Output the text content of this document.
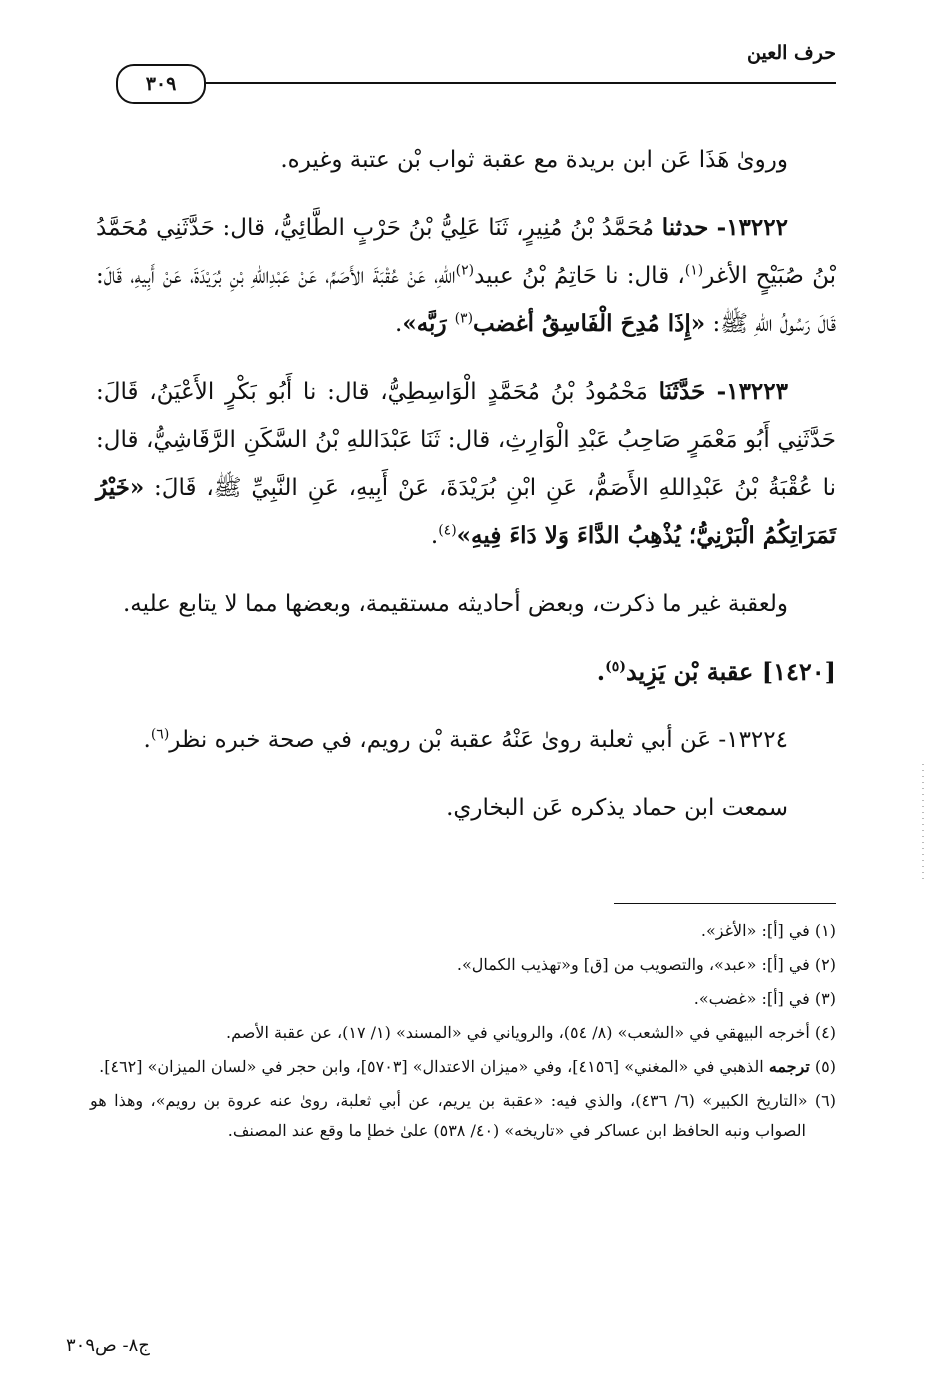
حرف العين
٣٠٩

وروىٰ هَذَا عَن ابن بريدة مع عقبة ثواب بْن عتبة وغيره.

١٣٢٢٢- حدثنا مُحَمَّدُ بْنُ مُنِيرٍ، ثَنَا عَلِيُّ بْنُ حَرْبٍ الطَّائِيُّ، قال: حَدَّثَنِي مُحَمَّدُ بْنُ صُبَيْحٍ الأغر$^{(١)}$، قال: نا حَاتِمُ بْنُ عبيد$^{(٢)}$اللهِ، عَنْ عُقْبَةَ الأَصَمِّ، عَنْ عَبْدِاللهِ بْنِ بُرَيْدَةَ، عَنْ أَبِيهِ، قَالَ: قَالَ رَسُولُ اللهِ ﷺ: «إِذَا مُدِحَ الْفَاسِقُ أغضب$^{(٣)}$ رَبَّه».

١٣٢٢٣- حَدَّثَنَا مَحْمُودُ بْنُ مُحَمَّدٍ الْوَاسِطِيُّ، قال: نا أَبُو بَكْرٍ الأَعْيَنُ، قَالَ: حَدَّثَنِي أَبُو مَعْمَرٍ صَاحِبُ عَبْدِ الْوَارِثِ، قال: ثَنَا عَبْدَاللهِ بْنُ السَّكَنِ الرَّقَاشِيُّ، قال: نا عُقْبَةُ بْنُ عَبْدِاللهِ الأَصَمُّ، عَنِ ابْنِ بُرَيْدَةَ، عَنْ أَبِيهِ، عَنِ النَّبِيِّ ﷺ، قَالَ: «خَيْرُ تَمَرَاتِكُمُ الْبَرْنِيُّ؛ يُذْهِبُ الدَّاءَ وَلا دَاءَ فِيهِ»$^{(٤)}$.

ولعقبة غير ما ذكرت، وبعض أحاديثه مستقيمة، وبعضها مما لا يتابع عليه.

[١٤٢٠] عقبة بْن يَزِيد$^{(٥)}$.

١٣٢٢٤- عَن أبي ثعلبة روىٰ عَنْهُ عقبة بْن رويم، في صحة خبره نظر$^{(٦)}$.

سمعت ابن حماد يذكره عَن البخاري.

(١) في [أ]: «الأغز».

(٢) في [أ]: «عبد»، والتصويب من [ق] و«تهذيب الكمال».

(٣) في [أ]: «غضب».

(٤) أخرجه البيهقي في «الشعب» (٨/ ٥٤)، والروياني في «المسند» (١/ ١٧)، عن عقبة الأصم.

(٥) ترجمه الذهبي في «المغني» [٤١٥٦]، وفي «ميزان الاعتدال» [٥٧٠٣]، وابن حجر في «لسان الميزان» [٤٦٢].

(٦) «التاريخ الكبير» (٦/ ٤٣٦)، والذي فيه: «عقبة بن يريم، عن أبي ثعلبة، روىٰ عنه عروة بن رويم»، وهذا هو الصواب ونبه الحافظ ابن عساكر في «تاريخه» (٤٠/ ٥٣٨) علىٰ خطإ ما وقع عند المصنف.

ج٨- ص٣٠٩
